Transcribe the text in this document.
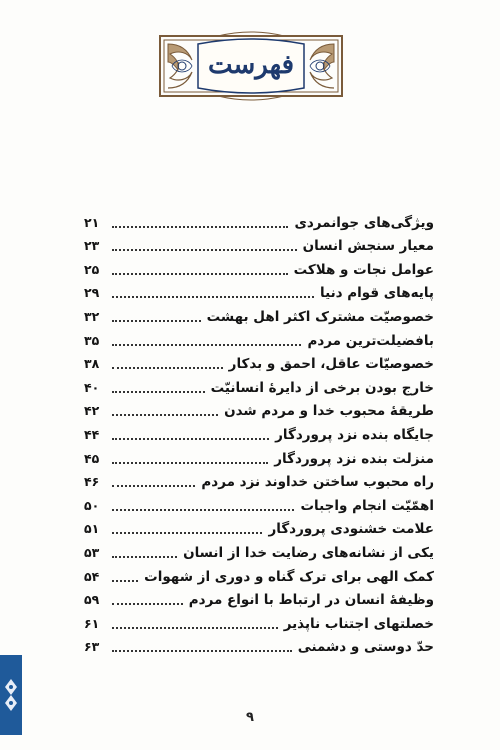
فهرست
ویژگی‌های جوانمردی
۲۱
معیار سنجش انسان
۲۳
عوامل نجات و هلاکت
۲۵
پایه‌های قوام دنیا
۲۹
خصوصیّت مشترک اکثر اهل بهشت
۳۲
بافضیلت‌ترین مردم
۳۵
خصوصیّات عاقل، احمق و بدکار
۳۸
خارج بودن برخی از دایرهٔ انسانیّت
۴۰
طریقهٔ محبوب خدا و مردم شدن
۴۲
جایگاه بنده نزد پروردگار
۴۴
منزلت بنده نزد پروردگار
۴۵
راه محبوب ساختن خداوند نزد مردم
۴۶
اهمّیّت انجام واجبات
۵۰
علامت خشنودی پروردگار
۵۱
یکی از نشانه‌های رضایت خدا از انسان
۵۳
کمک الهی برای ترک گناه و دوری از شهوات
۵۴
وظیفهٔ انسان در ارتباط با انواع مردم
۵۹
خصلتهای اجتناب ناپذیر
۶۱
حدّ دوستی و دشمنی
۶۳
۹
